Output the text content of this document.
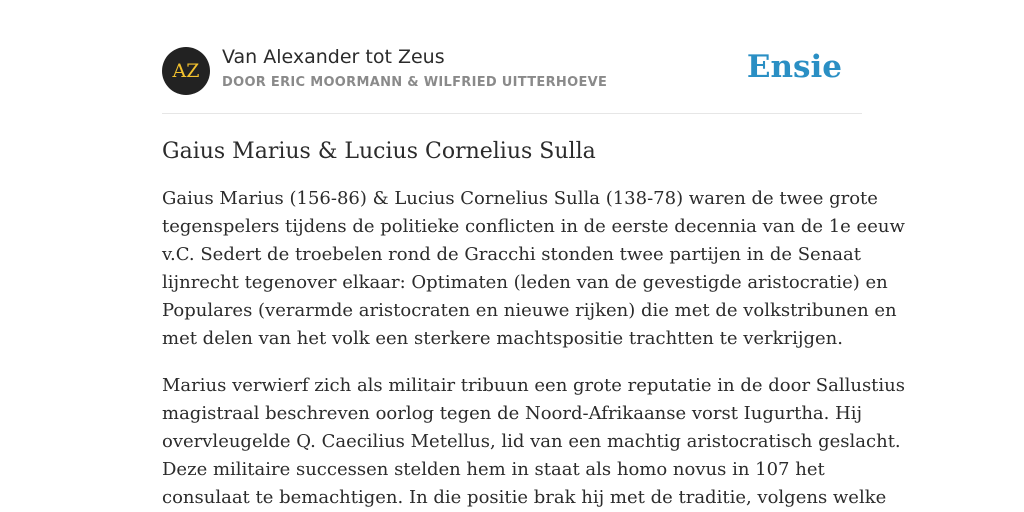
AZ
Van Alexander tot Zeus
DOOR ERIC MOORMANN & WILFRIED UITTERHOEVE	Ensie
Gaius Marius & Lucius Cornelius Sulla

Gaius Marius (156-86) & Lucius Cornelius Sulla (138-78) waren de twee grote
tegenspelers tijdens de politieke conflicten in de eerste decennia van de 1e eeuw
v.C. Sedert de troebelen rond de Gracchi stonden twee partijen in de Senaat
lijnrecht tegenover elkaar: Optimaten (leden van de gevestigde aristocratie) en
Populares (verarmde aristocraten en nieuwe rijken) die met de volkstribunen en
met delen van het volk een sterkere machtspositie trachtten te verkrijgen.

Marius verwierf zich als militair tribuun een grote reputatie in de door Sallustius
magistraal beschreven oorlog tegen de Noord-Afrikaanse vorst Iugurtha. Hij
overvleugelde Q. Caecilius Metellus, lid van een machtig aristocratisch geslacht.
Deze militaire successen stelden hem in staat als homo novus in 107 het
consulaat te bemachtigen. In die positie brak hij met de traditie, volgens welke
